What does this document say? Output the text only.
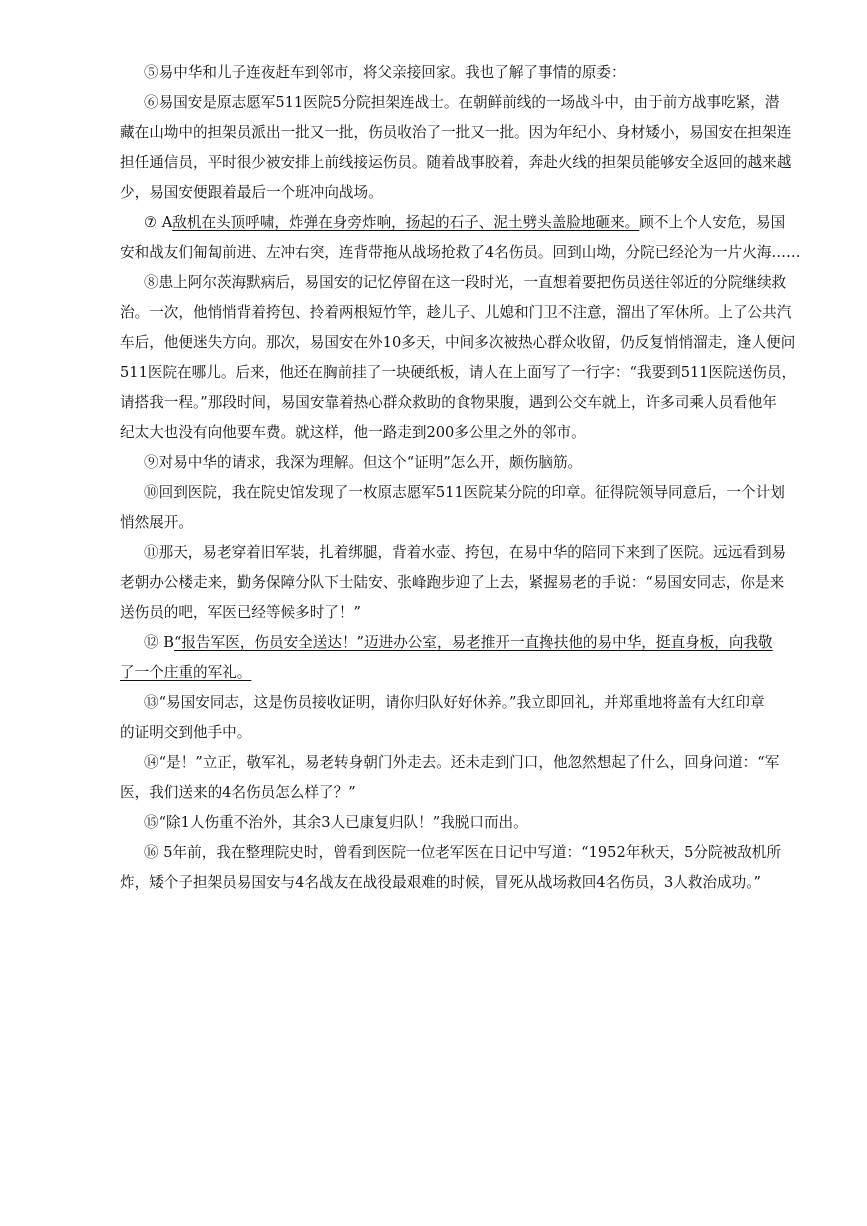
⑤易中华和儿子连夜赶车到邻市，将父亲接回家。我也了解了事情的原委：
⑥易国安是原志愿军511医院5分院担架连战士。在朝鲜前线的一场战斗中，由于前方战事吃紧，潜
藏在山坳中的担架员派出一批又一批，伤员收治了一批又一批。因为年纪小、身材矮小，易国安在担架连
担任通信员，平时很少被安排上前线接运伤员。随着战事胶着，奔赴火线的担架员能够安全返回的越来越
少，易国安便跟着最后一个班冲向战场。
⑦ A敌机在头顶呼啸，炸弹在身旁炸响，扬起的石子、泥土劈头盖脸地砸来。顾不上个人安危，易国
安和战友们匍匐前进、左冲右突，连背带拖从战场抢救了4名伤员。回到山坳，分院已经沦为一片火海……
⑧患上阿尔茨海默病后，易国安的记忆停留在这一段时光，一直想着要把伤员送往邻近的分院继续救
治。一次，他悄悄背着挎包、拎着两根短竹竿，趁儿子、儿媳和门卫不注意，溜出了军休所。上了公共汽
车后，他便迷失方向。那次，易国安在外10多天，中间多次被热心群众收留，仍反复悄悄溜走，逢人便问
511医院在哪儿。后来，他还在胸前挂了一块硬纸板，请人在上面写了一行字：“我要到511医院送伤员，
请搭我一程。”那段时间，易国安靠着热心群众救助的食物果腹，遇到公交车就上，许多司乘人员看他年
纪太大也没有向他要车费。就这样，他一路走到200多公里之外的邻市。
⑨对易中华的请求，我深为理解。但这个“证明”怎么开，颇伤脑筋。
⑩回到医院，我在院史馆发现了一枚原志愿军511医院某分院的印章。征得院领导同意后，一个计划
悄然展开。
⑪那天，易老穿着旧军装，扎着绑腿，背着水壶、挎包，在易中华的陪同下来到了医院。远远看到易
老朝办公楼走来，勤务保障分队下士陆安、张峰跑步迎了上去，紧握易老的手说：“易国安同志，你是来
送伤员的吧，军医已经等候多时了！”
⑫ B“报告军医，伤员安全送达！”迈进办公室，易老推开一直搀扶他的易中华，挺直身板，向我敬
了一个庄重的军礼。
⑬“易国安同志，这是伤员接收证明，请你归队好好休养。”我立即回礼，并郑重地将盖有大红印章
的证明交到他手中。
⑭“是！”立正，敬军礼，易老转身朝门外走去。还未走到门口，他忽然想起了什么，回身问道：“军
医，我们送来的4名伤员怎么样了？”
⑮“除1人伤重不治外，其余3人已康复归队！”我脱口而出。
⑯ 5年前，我在整理院史时，曾看到医院一位老军医在日记中写道：“1952年秋天，5分院被敌机所
炸，矮个子担架员易国安与4名战友在战役最艰难的时候，冒死从战场救回4名伤员，3人救治成功。”
